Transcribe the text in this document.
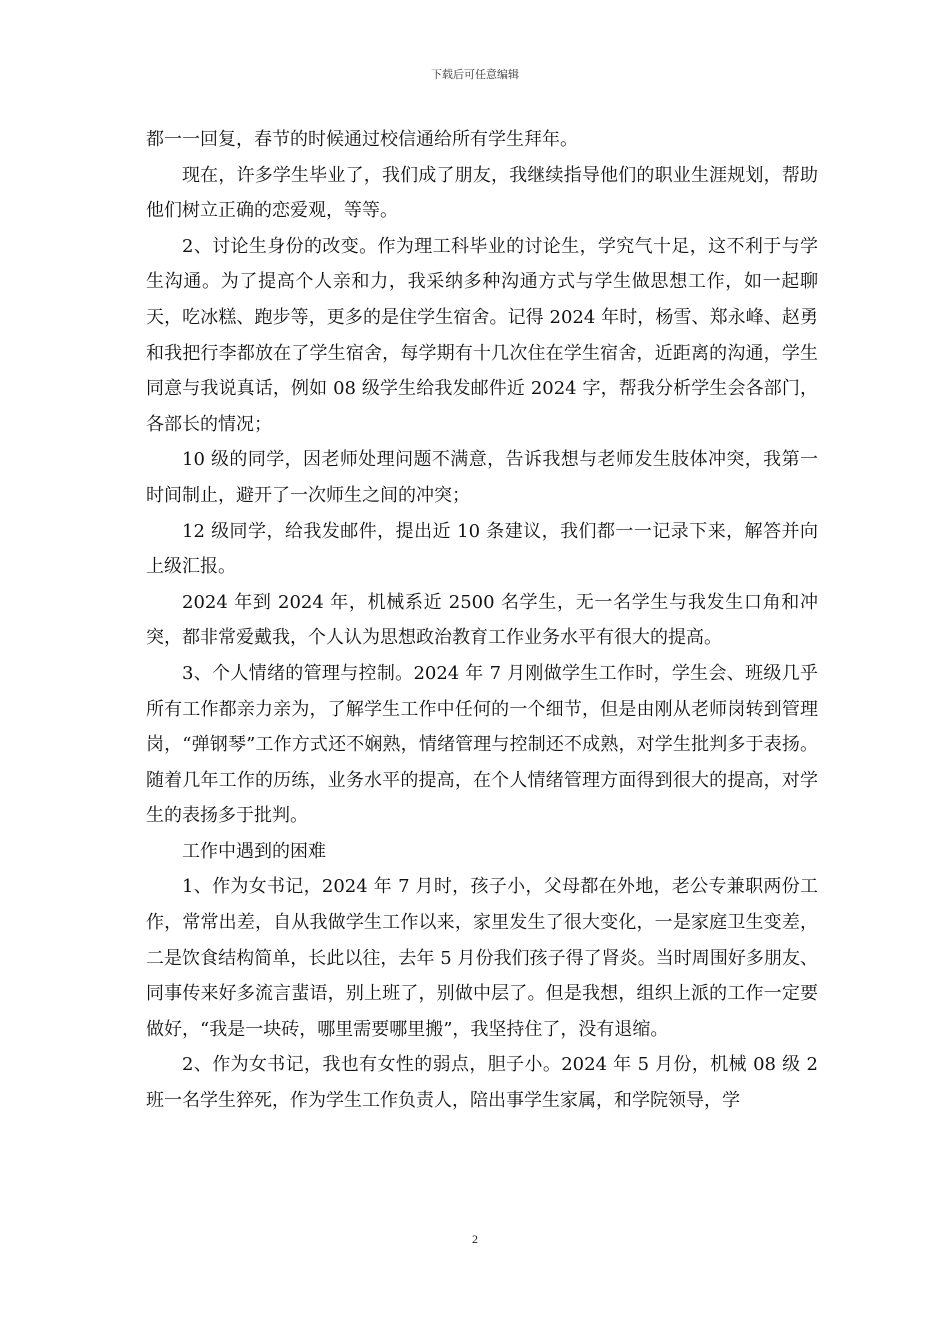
下载后可任意编辑

都一一回复，春节的时候通过校信通给所有学生拜年。

现在，许多学生毕业了，我们成了朋友，我继续指导他们的职业生涯规划，帮助他们树立正确的恋爱观，等等。

2、讨论生身份的改变。作为理工科毕业的讨论生，学究气十足，这不利于与学生沟通。为了提高个人亲和力，我采纳多种沟通方式与学生做思想工作，如一起聊天，吃冰糕、跑步等，更多的是住学生宿舍。记得 2024 年时，杨雪、郑永峰、赵勇和我把行李都放在了学生宿舍，每学期有十几次住在学生宿舍，近距离的沟通，学生同意与我说真话，例如 08 级学生给我发邮件近 2024 字，帮我分析学生会各部门，各部长的情况；

10 级的同学，因老师处理问题不满意，告诉我想与老师发生肢体冲突，我第一时间制止，避开了一次师生之间的冲突；

12 级同学，给我发邮件，提出近 10 条建议，我们都一一记录下来，解答并向上级汇报。

2024 年到 2024 年，机械系近 2500 名学生，无一名学生与我发生口角和冲突，都非常爱戴我，个人认为思想政治教育工作业务水平有很大的提高。

3、个人情绪的管理与控制。2024 年 7 月刚做学生工作时，学生会、班级几乎所有工作都亲力亲为，了解学生工作中任何的一个细节，但是由刚从老师岗转到管理岗，“弹钢琴”工作方式还不娴熟，情绪管理与控制还不成熟，对学生批判多于表扬。随着几年工作的历练，业务水平的提高，在个人情绪管理方面得到很大的提高，对学生的表扬多于批判。

工作中遇到的困难

1、作为女书记，2024 年 7 月时，孩子小，父母都在外地，老公专兼职两份工作，常常出差，自从我做学生工作以来，家里发生了很大变化，一是家庭卫生变差，二是饮食结构简单，长此以往，去年 5 月份我们孩子得了肾炎。当时周围好多朋友、同事传来好多流言蜚语，别上班了，别做中层了。但是我想，组织上派的工作一定要做好，“我是一块砖，哪里需要哪里搬”，我坚持住了，没有退缩。

2、作为女书记，我也有女性的弱点，胆子小。2024 年 5 月份，机械 08 级 2 班一名学生猝死，作为学生工作负责人，陪出事学生家属，和学院领导，学

2
